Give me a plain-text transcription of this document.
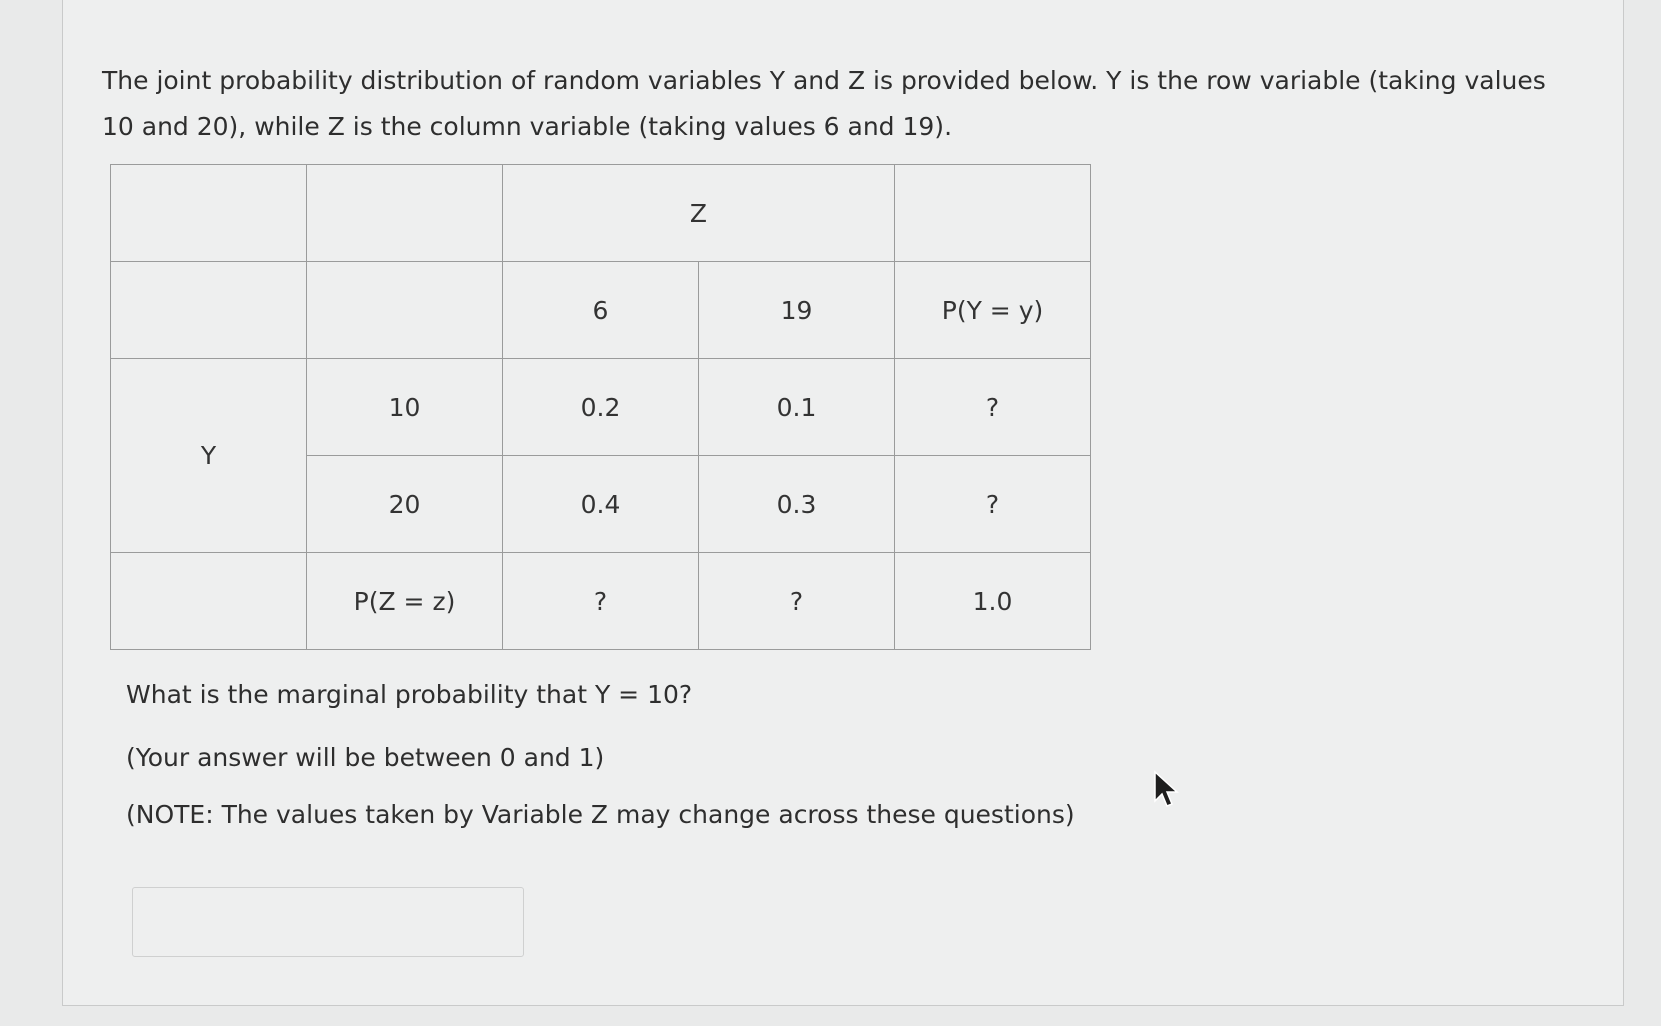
The joint probability distribution of random variables Y and Z is provided below. Y is the row variable (taking values 10 and 20), while Z is the column variable (taking values 6 and 19).

		Z		
		6	19	P(Y = y)
Y	10	0.2	0.1	?
	20	0.4	0.3	?
	P(Z = z)	?	?	1.0

What is the marginal probability that Y = 10?

(Your answer will be between 0 and 1)

(NOTE: The values taken by Variable Z may change across these questions)
